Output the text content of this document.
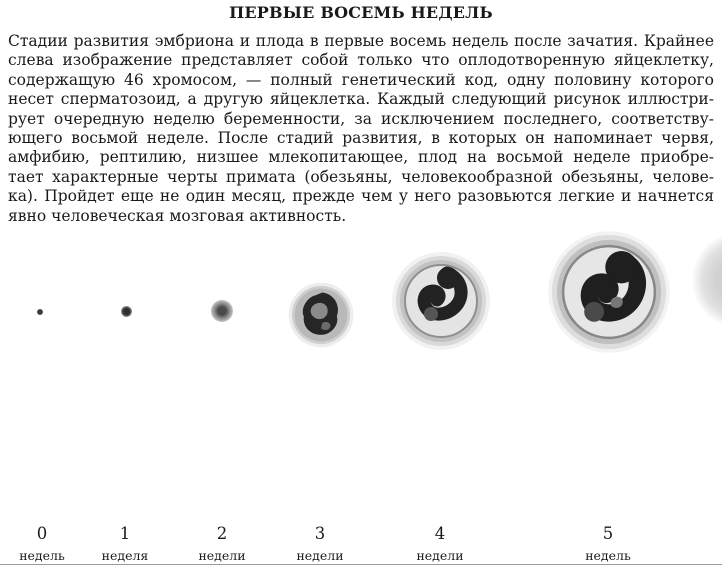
ПЕРВЫЕ ВОСЕМЬ НЕДЕЛЬ
Стадии развития эмбриона и плода в первые восемь недель после зачатия. Крайнее
слева изображение представляет собой только что оплодотворенную яйцеклетку,
содержащую 46 хромосом, — полный генетический код, одну половину которого
несет сперматозоид, а другую яйцеклетка. Каждый следующий рисунок иллюстри-
рует очередную неделю беременности, за исключением последнего, соответству-
ющего восьмой неделе. После стадий развития, в которых он напоминает червя,
амфибию, рептилию, низшее млекопитающее, плод на восьмой неделе приобре-
тает характерные черты примата (обезьяны, человекообразной обезьяны, челове-
ка). Пройдет еще не один месяц, прежде чем у него разовьются легкие и начнется
явно человеческая мозговая активность.
0
недель
1
неделя
2
недели
3
недели
4
недели
5
недель
